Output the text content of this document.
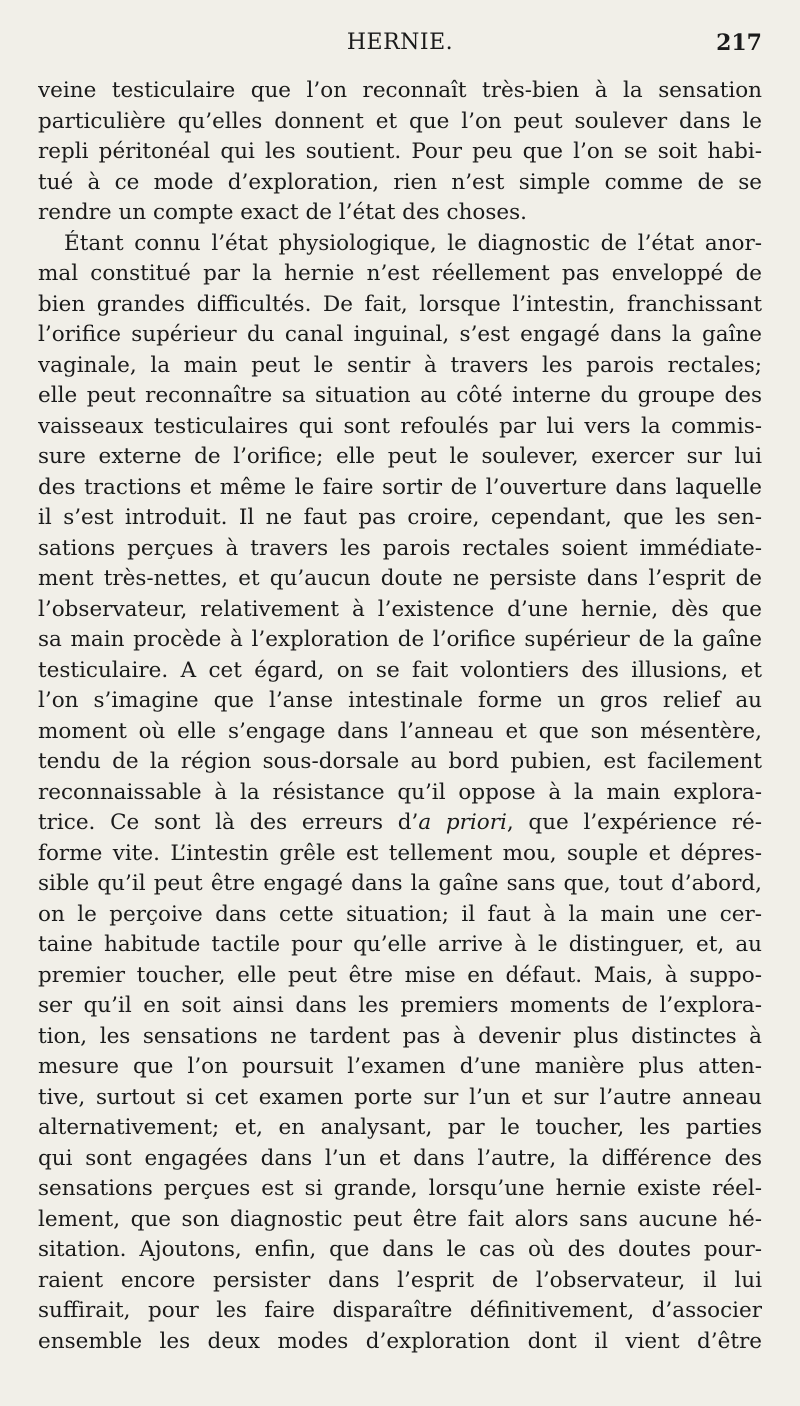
HERNIE.	217
veine testiculaire que l’on reconnaît très-bien à la sensation
particulière qu’elles donnent et que l’on peut soulever dans le
repli péritonéal qui les soutient. Pour peu que l’on se soit habi-
tué à ce mode d’exploration, rien n’est simple comme de se
rendre un compte exact de l’état des choses.
Étant connu l’état physiologique, le diagnostic de l’état anor-
mal constitué par la hernie n’est réellement pas enveloppé de
bien grandes difficultés. De fait, lorsque l’intestin, franchissant
l’orifice supérieur du canal inguinal, s’est engagé dans la gaîne
vaginale, la main peut le sentir à travers les parois rectales;
elle peut reconnaître sa situation au côté interne du groupe des
vaisseaux testiculaires qui sont refoulés par lui vers la commis-
sure externe de l’orifice; elle peut le soulever, exercer sur lui
des tractions et même le faire sortir de l’ouverture dans laquelle
il s’est introduit. Il ne faut pas croire, cependant, que les sen-
sations perçues à travers les parois rectales soient immédiate-
ment très-nettes, et qu’aucun doute ne persiste dans l’esprit de
l’observateur, relativement à l’existence d’une hernie, dès que
sa main procède à l’exploration de l’orifice supérieur de la gaîne
testiculaire. A cet égard, on se fait volontiers des illusions, et
l’on s’imagine que l’anse intestinale forme un gros relief au
moment où elle s’engage dans l’anneau et que son mésentère,
tendu de la région sous-dorsale au bord pubien, est facilement
reconnaissable à la résistance qu’il oppose à la main explora-
trice. Ce sont là des erreurs d’a priori, que l’expérience ré-
forme vite. L’intestin grêle est tellement mou, souple et dépres-
sible qu’il peut être engagé dans la gaîne sans que, tout d’abord,
on le perçoive dans cette situation; il faut à la main une cer-
taine habitude tactile pour qu’elle arrive à le distinguer, et, au
premier toucher, elle peut être mise en défaut. Mais, à suppo-
ser qu’il en soit ainsi dans les premiers moments de l’explora-
tion, les sensations ne tardent pas à devenir plus distinctes à
mesure que l’on poursuit l’examen d’une manière plus atten-
tive, surtout si cet examen porte sur l’un et sur l’autre anneau
alternativement; et, en analysant, par le toucher, les parties
qui sont engagées dans l’un et dans l’autre, la différence des
sensations perçues est si grande, lorsqu’une hernie existe réel-
lement, que son diagnostic peut être fait alors sans aucune hé-
sitation. Ajoutons, enfin, que dans le cas où des doutes pour-
raient encore persister dans l’esprit de l’observateur, il lui
suffirait, pour les faire disparaître définitivement, d’associer
ensemble les deux modes d’exploration dont il vient d’être
